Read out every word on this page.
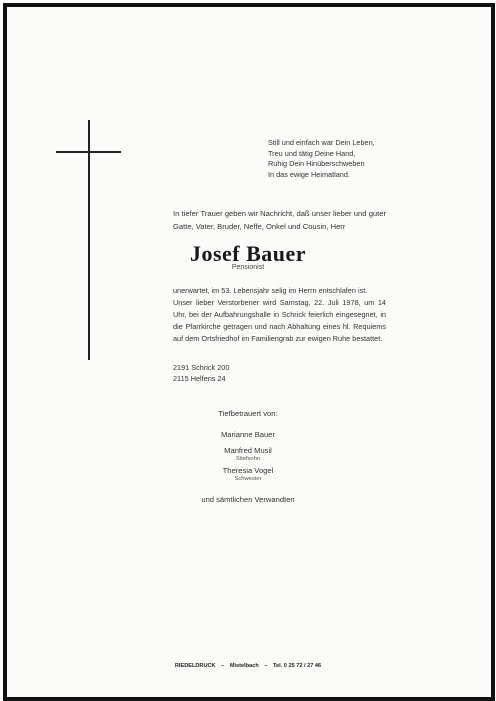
Still und einfach war Dein Leben,
Treu und tätig Deine Hand,
Ruhig Dein Hinüberschweben
In das ewige Heimatland.
In tiefer Trauer geben wir Nachricht, daß unser lieber und guter Gatte, Vater, Bruder, Neffe, Onkel und Cousin, Herr
Josef Bauer
Pensionist
unerwartet, im 53. Lebensjahr selig im Herrn entschlafen ist.
Unser lieber Verstorbener wird Samstag, 22. Juli 1978, um 14 Uhr, bei der Aufbahrungshalle in Schrick feierlich eingesegnet, in die Pfarrkirche getragen und nach Abhaltung eines hl. Requiems auf dem Ortsfriedhof im Familiengrab zur ewigen Ruhe bestattet.
2191 Schrick 200
2115 Helfens 24
Tiefbetrauert von:
Marianne Bauer
Manfred Musil
Stiefsohn
Theresia Vogel
Schwester
und sämtlichen Verwandten
RIEDELDRUCK – Mistelbach – Tel. 0 25 72 / 27 46
